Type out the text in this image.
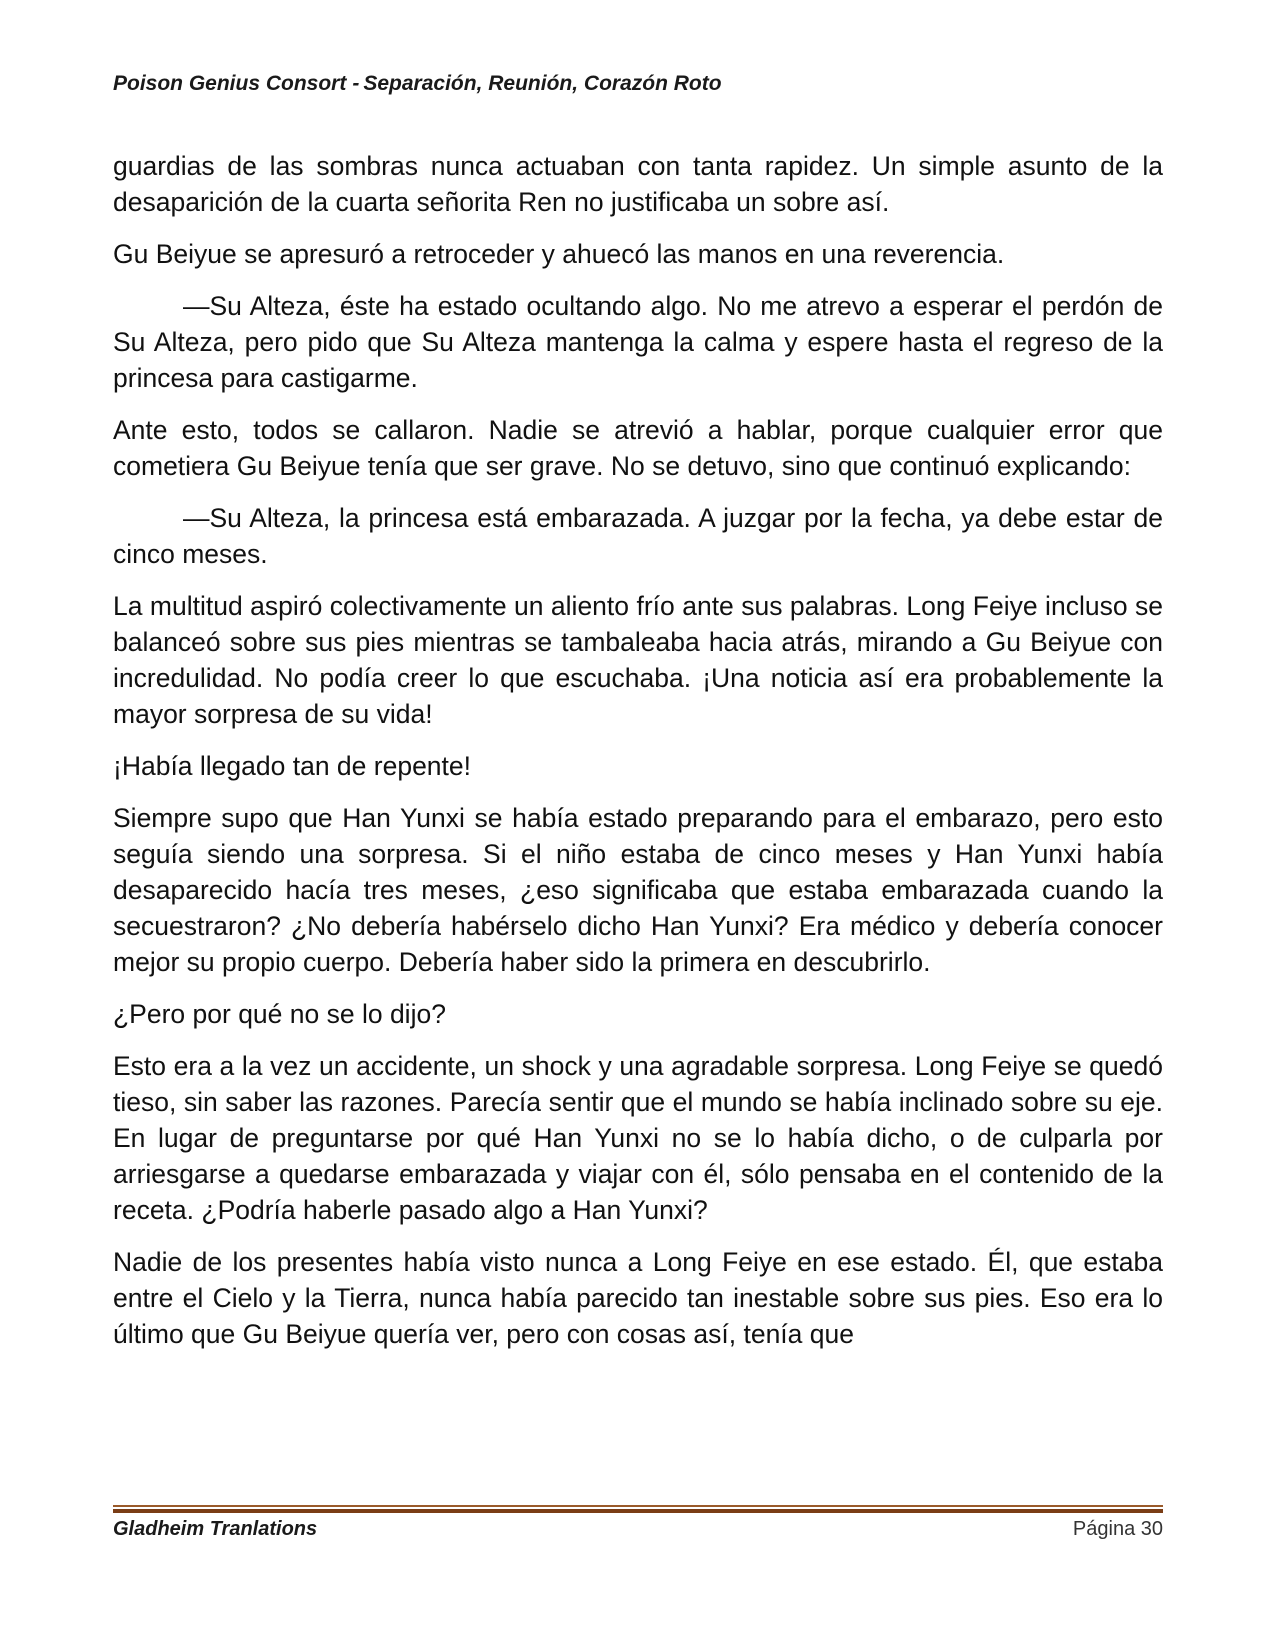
Poison Genius Consort - Separación, Reunión, Corazón Roto

guardias de las sombras nunca actuaban con tanta rapidez. Un simple asunto de la desaparición de la cuarta señorita Ren no justificaba un sobre así.

Gu Beiyue se apresuró a retroceder y ahuecó las manos en una reverencia.

—Su Alteza, éste ha estado ocultando algo. No me atrevo a esperar el perdón de Su Alteza, pero pido que Su Alteza mantenga la calma y espere hasta el regreso de la princesa para castigarme.

Ante esto, todos se callaron. Nadie se atrevió a hablar, porque cualquier error que cometiera Gu Beiyue tenía que ser grave. No se detuvo, sino que continuó explicando:

—Su Alteza, la princesa está embarazada. A juzgar por la fecha, ya debe estar de cinco meses.

La multitud aspiró colectivamente un aliento frío ante sus palabras. Long Feiye incluso se balanceó sobre sus pies mientras se tambaleaba hacia atrás, mirando a Gu Beiyue con incredulidad. No podía creer lo que escuchaba. ¡Una noticia así era probablemente la mayor sorpresa de su vida!

¡Había llegado tan de repente!

Siempre supo que Han Yunxi se había estado preparando para el embarazo, pero esto seguía siendo una sorpresa. Si el niño estaba de cinco meses y Han Yunxi había desaparecido hacía tres meses, ¿eso significaba que estaba embarazada cuando la secuestraron? ¿No debería habérselo dicho Han Yunxi? Era médico y debería conocer mejor su propio cuerpo. Debería haber sido la primera en descubrirlo.

¿Pero por qué no se lo dijo?

Esto era a la vez un accidente, un shock y una agradable sorpresa. Long Feiye se quedó tieso, sin saber las razones. Parecía sentir que el mundo se había inclinado sobre su eje. En lugar de preguntarse por qué Han Yunxi no se lo había dicho, o de culparla por arriesgarse a quedarse embarazada y viajar con él, sólo pensaba en el contenido de la receta. ¿Podría haberle pasado algo a Han Yunxi?

Nadie de los presentes había visto nunca a Long Feiye en ese estado. Él, que estaba entre el Cielo y la Tierra, nunca había parecido tan inestable sobre sus pies. Eso era lo último que Gu Beiyue quería ver, pero con cosas así, tenía que

Gladheim Tranlations	Página 30
